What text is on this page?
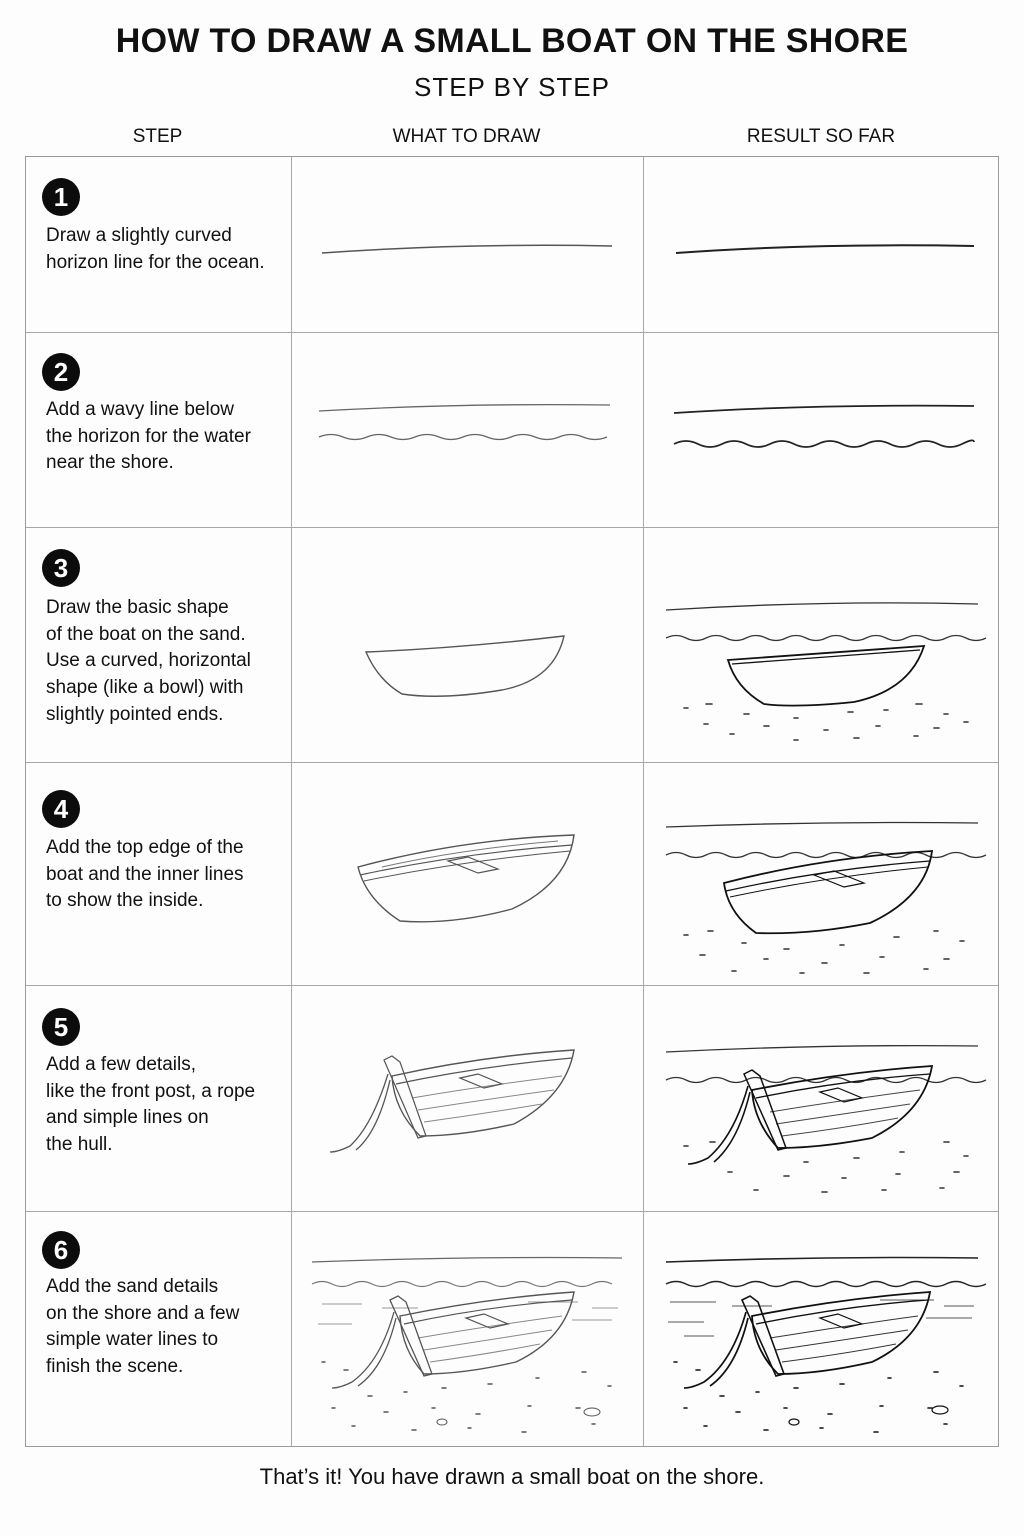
HOW TO DRAW A SMALL BOAT ON THE SHORE
STEP BY STEP
STEP	WHAT TO DRAW	RESULT SO FAR
1
Draw a slightly curved
horizon line for the ocean.
2
Add a wavy line below
the horizon for the water
near the shore.
3
Draw the basic shape
of the boat on the sand.
Use a curved, horizontal
shape (like a bowl) with
slightly pointed ends.
4
Add the top edge of the
boat and the inner lines
to show the inside.
5
Add a few details,
like the front post, a rope
and simple lines on
the hull.
6
Add the sand details
on the shore and a few
simple water lines to
finish the scene.
That’s it! You have drawn a small boat on the shore.
